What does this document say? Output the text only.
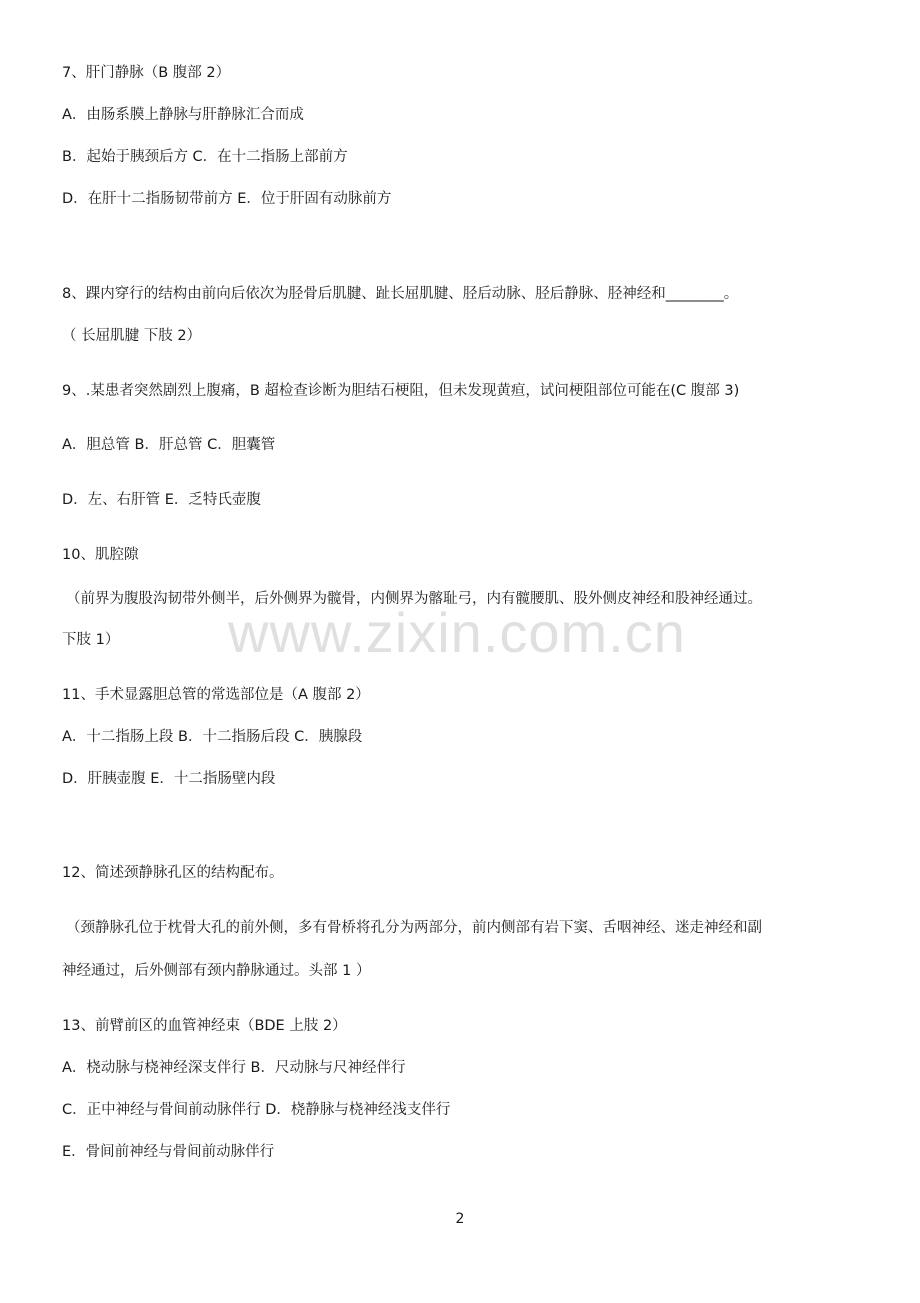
7、肝门静脉（B 腹部 2）
A．由肠系膜上静脉与肝静脉汇合而成
B．起始于胰颈后方 C．在十二指肠上部前方
D．在肝十二指肠韧带前方 E．位于肝固有动脉前方
8、踝内穿行的结构由前向后依次为胫骨后肌腱、趾长屈肌腱、胫后动脉、胫后静脉、胫神经和________。
（ 长屈肌腱 下肢 2）
9、.某患者突然剧烈上腹痛，B 超检查诊断为胆结石梗阻，但未发现黄疸，试问梗阻部位可能在(C 腹部 3)
A．胆总管 B．肝总管 C．胆囊管
D．左、右肝管 E．乏特氏壶腹
10、肌腔隙
（前界为腹股沟韧带外侧半，后外侧界为髋骨，内侧界为髂耻弓，内有髋腰肌、股外侧皮神经和股神经通过。
下肢 1）
11、手术显露胆总管的常选部位是（A 腹部 2）
A．十二指肠上段 B．十二指肠后段 C．胰腺段
D．肝胰壶腹 E．十二指肠壁内段
12、简述颈静脉孔区的结构配布。
（颈静脉孔位于枕骨大孔的前外侧，多有骨桥将孔分为两部分，前内侧部有岩下窦、舌咽神经、迷走神经和副
神经通过，后外侧部有颈内静脉通过。头部 1 ）
13、前臂前区的血管神经束（BDE 上肢 2）
A．桡动脉与桡神经深支伴行 B．尺动脉与尺神经伴行
C．正中神经与骨间前动脉伴行 D．桡静脉与桡神经浅支伴行
E．骨间前神经与骨间前动脉伴行
www.zixin.com.cn
2
